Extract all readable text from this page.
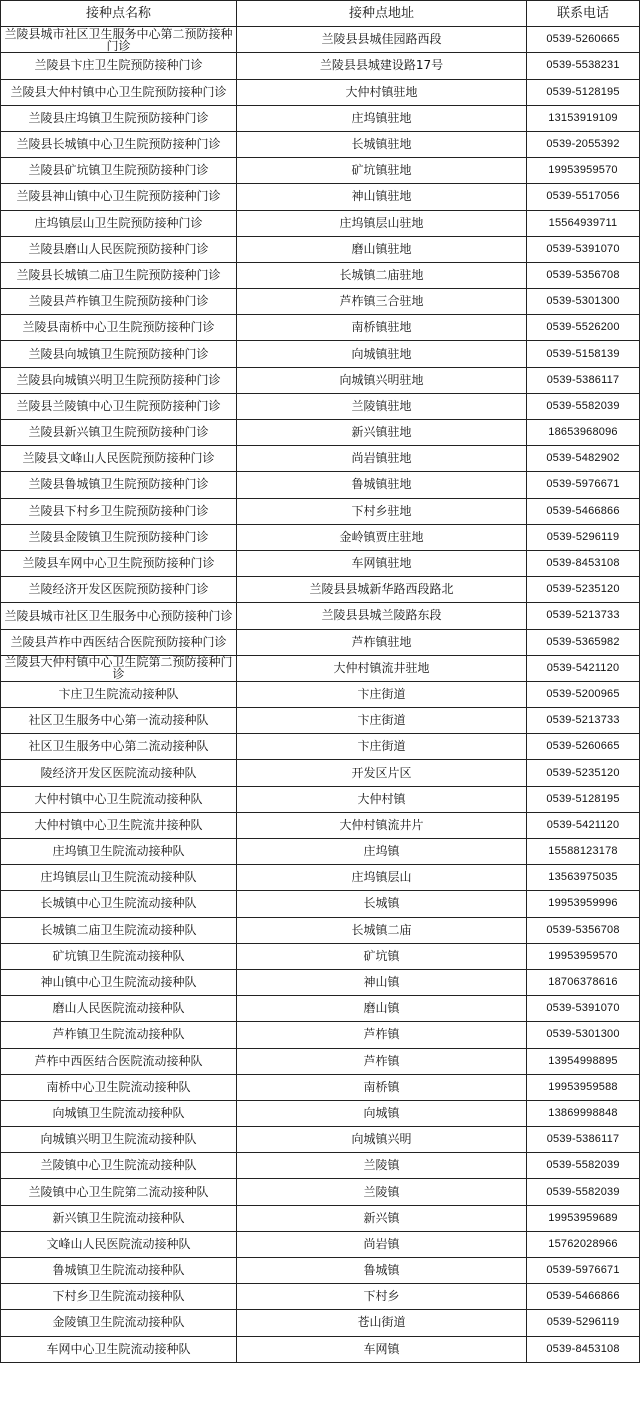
接种点名称	接种点地址	联系电话
兰陵县城市社区卫生服务中心第二预防接种门诊	兰陵县县城佳园路西段	0539-5260665
兰陵县卞庄卫生院预防接种门诊	兰陵县县城建设路17号	0539-5538231
兰陵县大仲村镇中心卫生院预防接种门诊	大仲村镇驻地	0539-5128195
兰陵县庄坞镇卫生院预防接种门诊	庄坞镇驻地	13153919109
兰陵县长城镇中心卫生院预防接种门诊	长城镇驻地	0539-2055392
兰陵县矿坑镇卫生院预防接种门诊	矿坑镇驻地	19953959570
兰陵县神山镇中心卫生院预防接种门诊	神山镇驻地	0539-5517056
庄坞镇层山卫生院预防接种门诊	庄坞镇层山驻地	15564939711
兰陵县磨山人民医院预防接种门诊	磨山镇驻地	0539-5391070
兰陵县长城镇二庙卫生院预防接种门诊	长城镇二庙驻地	0539-5356708
兰陵县芦柞镇卫生院预防接种门诊	芦柞镇三合驻地	0539-5301300
兰陵县南桥中心卫生院预防接种门诊	南桥镇驻地	0539-5526200
兰陵县向城镇卫生院预防接种门诊	向城镇驻地	0539-5158139
兰陵县向城镇兴明卫生院预防接种门诊	向城镇兴明驻地	0539-5386117
兰陵县兰陵镇中心卫生院预防接种门诊	兰陵镇驻地	0539-5582039
兰陵县新兴镇卫生院预防接种门诊	新兴镇驻地	18653968096
兰陵县文峰山人民医院预防接种门诊	尚岩镇驻地	0539-5482902
兰陵县鲁城镇卫生院预防接种门诊	鲁城镇驻地	0539-5976671
兰陵县下村乡卫生院预防接种门诊	下村乡驻地	0539-5466866
兰陵县金陵镇卫生院预防接种门诊	金岭镇贾庄驻地	0539-5296119
兰陵县车网中心卫生院预防接种门诊	车网镇驻地	0539-8453108
兰陵经济开发区医院预防接种门诊	兰陵县县城新华路西段路北	0539-5235120
兰陵县城市社区卫生服务中心预防接种门诊	兰陵县县城兰陵路东段	0539-5213733
兰陵县芦柞中西医结合医院预防接种门诊	芦柞镇驻地	0539-5365982
兰陵县大仲村镇中心卫生院第二预防接种门诊	大仲村镇流井驻地	0539-5421120
卞庄卫生院流动接种队	卞庄街道	0539-5200965
社区卫生服务中心第一流动接种队	卞庄街道	0539-5213733
社区卫生服务中心第二流动接种队	卞庄街道	0539-5260665
陵经济开发区医院流动接种队	开发区片区	0539-5235120
大仲村镇中心卫生院流动接种队	大仲村镇	0539-5128195
大仲村镇中心卫生院流井接种队	大仲村镇流井片	0539-5421120
庄坞镇卫生院流动接种队	庄坞镇	15588123178
庄坞镇层山卫生院流动接种队	庄坞镇层山	13563975035
长城镇中心卫生院流动接种队	长城镇	19953959996
长城镇二庙卫生院流动接种队	长城镇二庙	0539-5356708
矿坑镇卫生院流动接种队	矿坑镇	19953959570
神山镇中心卫生院流动接种队	神山镇	18706378616
磨山人民医院流动接种队	磨山镇	0539-5391070
芦柞镇卫生院流动接种队	芦柞镇	0539-5301300
芦柞中西医结合医院流动接种队	芦柞镇	13954998895
南桥中心卫生院流动接种队	南桥镇	19953959588
向城镇卫生院流动接种队	向城镇	13869998848
向城镇兴明卫生院流动接种队	向城镇兴明	0539-5386117
兰陵镇中心卫生院流动接种队	兰陵镇	0539-5582039
兰陵镇中心卫生院第二流动接种队	兰陵镇	0539-5582039
新兴镇卫生院流动接种队	新兴镇	19953959689
文峰山人民医院流动接种队	尚岩镇	15762028966
鲁城镇卫生院流动接种队	鲁城镇	0539-5976671
下村乡卫生院流动接种队	下村乡	0539-5466866
金陵镇卫生院流动接种队	苍山街道	0539-5296119
车网中心卫生院流动接种队	车网镇	0539-8453108
